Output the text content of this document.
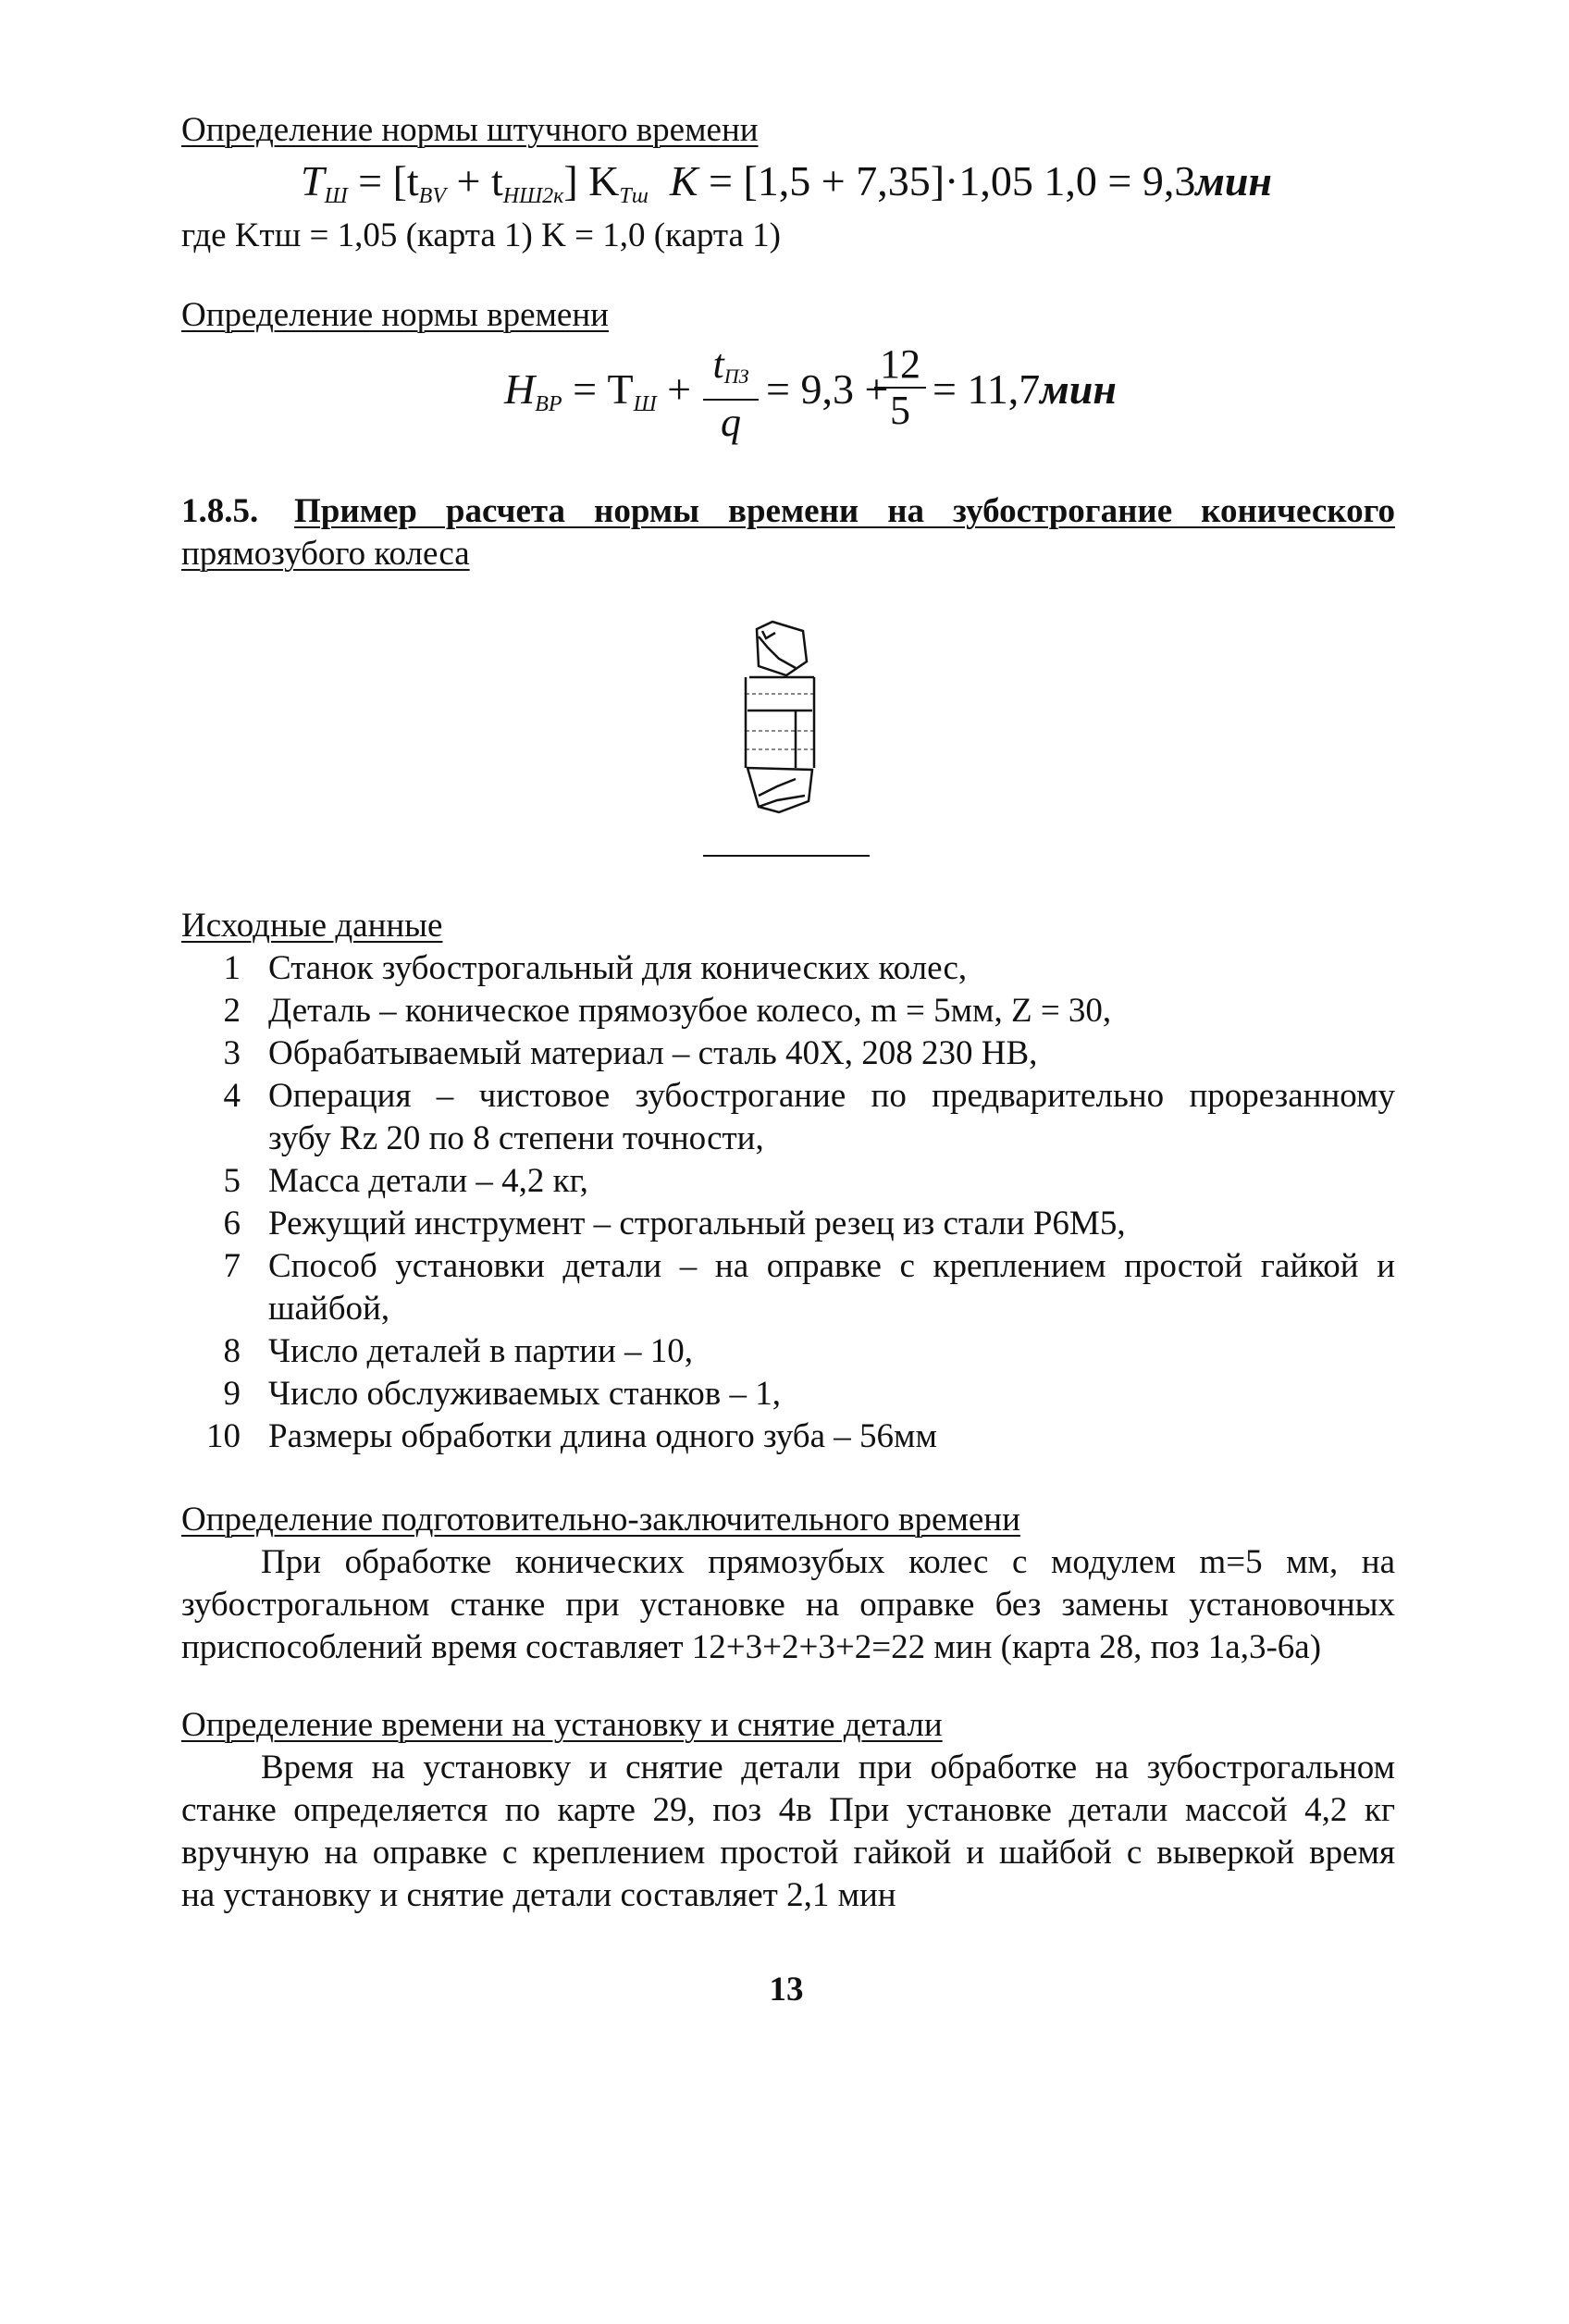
Определение нормы штучного времени
$T_Ш = [t_{BV} + t_{НШ2к}]$ $K_{Тш}$ K = [1,5 + 7,35]·1,05 1,0 = 9,3мин
где Kтш = 1,05 (карта 1) K = 1,0 (карта 1)
Определение нормы времени
$H_{ВР} = T_Ш$ +
$t_{ПЗ}$
q
= 9,3 +
$\frac{12}{5} = 11,7мин$
1.8.5. Пример расчета нормы времени на зубострогание конического
прямозубого колеса
Исходные данные
1 Станок зубострогальный для конических колес,
2 Деталь – коническое прямозубое колесо, m = 5мм, Z = 30,
3 Обрабатываемый материал – сталь 40Х, 208 230 НВ,
4 Операция – чистовое зубострогание по предварительно прорезанному
зубу Rz 20 по 8 степени точности,
5 Масса детали – 4,2 кг,
6 Режущий инструмент – строгальный резец из стали Р6М5,
7 Способ установки детали – на оправке с креплением простой гайкой и
шайбой,
8 Число деталей в партии – 10,
9 Число обслуживаемых станков – 1,
10 Размеры обработки длина одного зуба – 56мм
Определение подготовительно-заключительного времени
При обработке конических прямозубых колес с модулем m=5 мм, на
зубострогальном станке при установке на оправке без замены установочных
приспособлений время составляет 12+3+2+3+2=22 мин (карта 28, поз 1а,3-6а)
Определение времени на установку и снятие детали
Время на установку и снятие детали при обработке на зубострогальном
станке определяется по карте 29, поз 4в При установке детали массой 4,2 кг
вручную на оправке с креплением простой гайкой и шайбой с выверкой время
на установку и снятие детали составляет 2,1 мин
13
